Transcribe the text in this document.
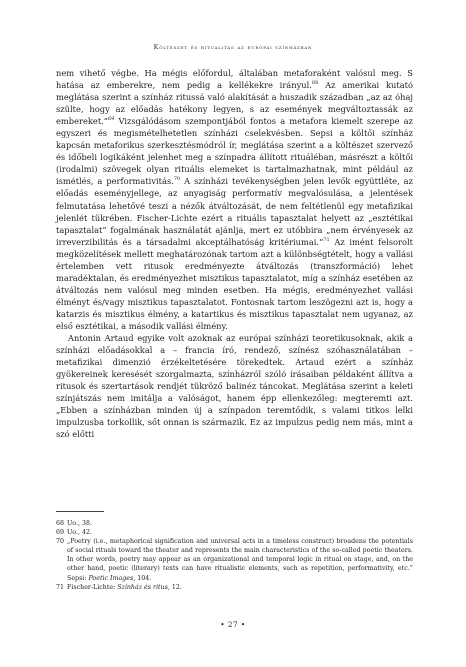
Költészet és ritualitás az európai színházban

nem vihető végbe. Ha mégis előfordul, általában metaforaként valósul meg. S hatása az emberekre, nem pedig a kellékekre irányul.$^{68}$ Az amerikai kutató meglátása szerint a színház ritussá való alakítását a huszadik században „az az óhaj szülte, hogy az előadás hatékony legyen, s az események megváltoztassák az embereket.”$^{69}$ Vizsgálódásom szempontjából fontos a metafora kiemelt szerepe az egyszeri és megismételhetetlen színházi cselekvésben. Sepsi a költői színház kapcsán metaforikus szerkesztésmódról ír, meglátása szerint a a költészet szervező és időbeli logikáként jelenhet meg a színpadra állított rituáléban, másrészt a költői (irodalmi) szövegek olyan rituális elemeket is tartalmazhatnak, mint például az ismétlés, a performativitás.$^{70}$ A színházi tevékenységben jelen levők együttléte, az előadás eseményjellege, az anyagiság performatív megvalósulása, a jelentések felmutatása lehetővé teszi a nézők átváltozását, de nem feltétlenül egy metafizikai jelenlét tükrében. Fischer-Lichte ezért a rituális tapasztalat helyett az „esztétikai tapasztalat” fogalmának használatát ajánlja, mert ez utóbbira „nem érvényesek az irreverzibilitás és a társadalmi akceptálhatóság kritériumai.”$^{71}$ Az imént felsorolt megközelítések mellett meghatározónak tartom azt a különbségtételt, hogy a vallási értelemben vett ritusok eredményezte átváltozás (transzformáció) lehet maradéktalan, és eredményezhet misztikus tapasztalatot, míg a színház esetében az átváltozás nem valósul meg minden esetben. Ha mégis, eredményezhet vallási élményt és/vagy misztikus tapasztalatot. Fontosnak tartom leszögezni azt is, hogy a katarzis és misztikus élmény, a katartikus és misztikus tapasztalat nem ugyanaz, az első esztétikai, a második vallási élmény.

Antonin Artaud egyike volt azoknak az európai színházi teoretikusoknak, akik a színházi előadásokkal a – francia író, rendező, színész szóhasználatában – metafizikai dimenzió érzékeltetésére törekedtek. Artaud ezért a színház gyökereinek keresését szorgalmazta, színházról szóló írásaiban példaként állítva a ritusok és szertartások rendjét tükröző balinéz táncokat. Meglátása szerint a keleti színjátszás nem imitálja a valóságot, hanem épp ellenkezőleg: megteremti azt. „Ebben a színházban minden új a színpadon teremtődik, s valami titkos lelki impulzusba torkollik, sőt onnan is származik. Ez az impulzus pedig nem más, mint a szó előtti

68 Uo., 38.
69 Uo., 42.
70 „Poetry (i.e., metaphorical signification and universal acts in a timeless construct) broadens the potentials of social rituals toward the theater and represents the main characteristics of the so-called poetic theaters. In other words, poetry may appear as an organizational and temporal logic in ritual on stage, and, on the other hand, poetic (literary) texts can have ritualistic elements, such as repetition, performativity, etc.” Sepsi: Poetic Images, 104.
71 Fischer-Lichte: Színház és rítus, 12.
• 27 •
